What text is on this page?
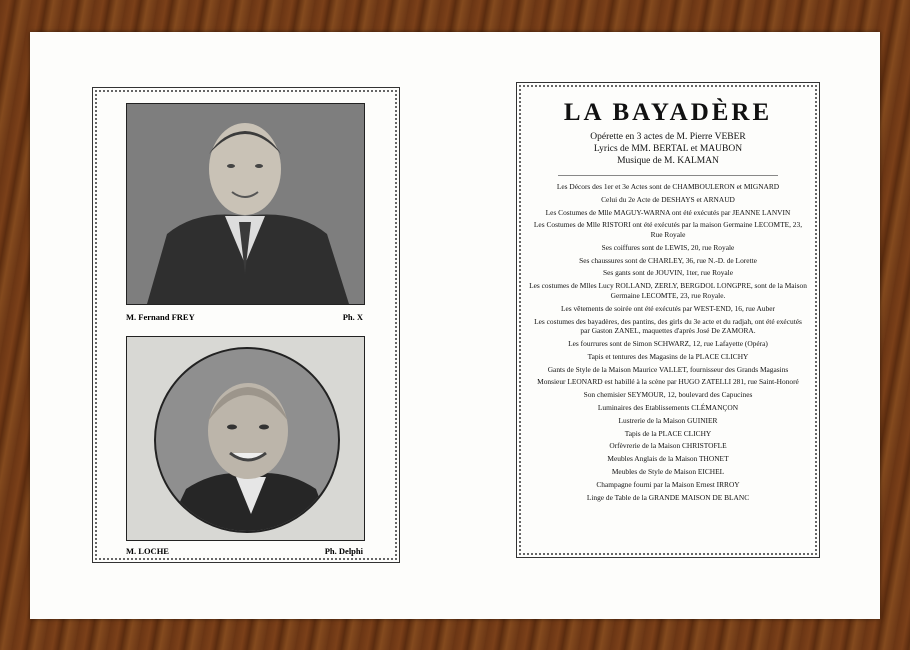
M. Fernand FREY	Ph. X
M. LOCHE	Ph. Delphi
LA BAYADÈRE
Opérette en 3 actes de M. Pierre VEBER
Lyrics de MM. BERTAL et MAUBON
Musique de M. KALMAN
Les Décors des 1er et 3e Actes sont de CHAMBOULERON et MIGNARD
Celui du 2e Acte de DESHAYS et ARNAUD
Les Costumes de Mlle MAGUY-WARNA ont été exécutés par JEANNE LANVIN
Les Costumes de Mlle RISTORI ont été exécutés par la maison Germaine LECOMTE, 23, Rue Royale
Ses coiffures sont de LEWIS, 20, rue Royale
Ses chaussures sont de CHARLEY, 36, rue N.-D. de Lorette
Ses gants sont de JOUVIN, 1ter, rue Royale
Les costumes de Mlles Lucy ROLLAND, ZERLY, BERGDOL LONGPRE, sont de la Maison Germaine LECOMTE, 23, rue Royale.
Les vêtements de soirée ont été exécutés par WEST-END, 16, rue Auber
Les costumes des bayadères, des pantins, des girls du 3e acte et du radjah, ont été exécutés par Gaston ZANEL, maquettes d'après José De ZAMORA.
Les fourrures sont de Simon SCHWARZ, 12, rue Lafayette (Opéra)
Tapis et tentures des Magasins de la PLACE CLICHY
Gants de Style de la Maison Maurice VALLET, fournisseur des Grands Magasins
Monsieur LEONARD est habillé à la scène par HUGO ZATELLI 281, rue Saint-Honoré
Son chemisier SEYMOUR, 12, boulevard des Capucines
Luminaires des Etablissements CLÉMANÇON
Lustrerie de la Maison GUINIER
Tapis de la PLACE CLICHY
Orfèvrerie de la Maison CHRISTOFLE
Meubles Anglais de la Maison THONET
Meubles de Style de Maison EICHEL
Champagne fourni par la Maison Ernest IRROY
Linge de Table de la GRANDE MAISON DE BLANC
